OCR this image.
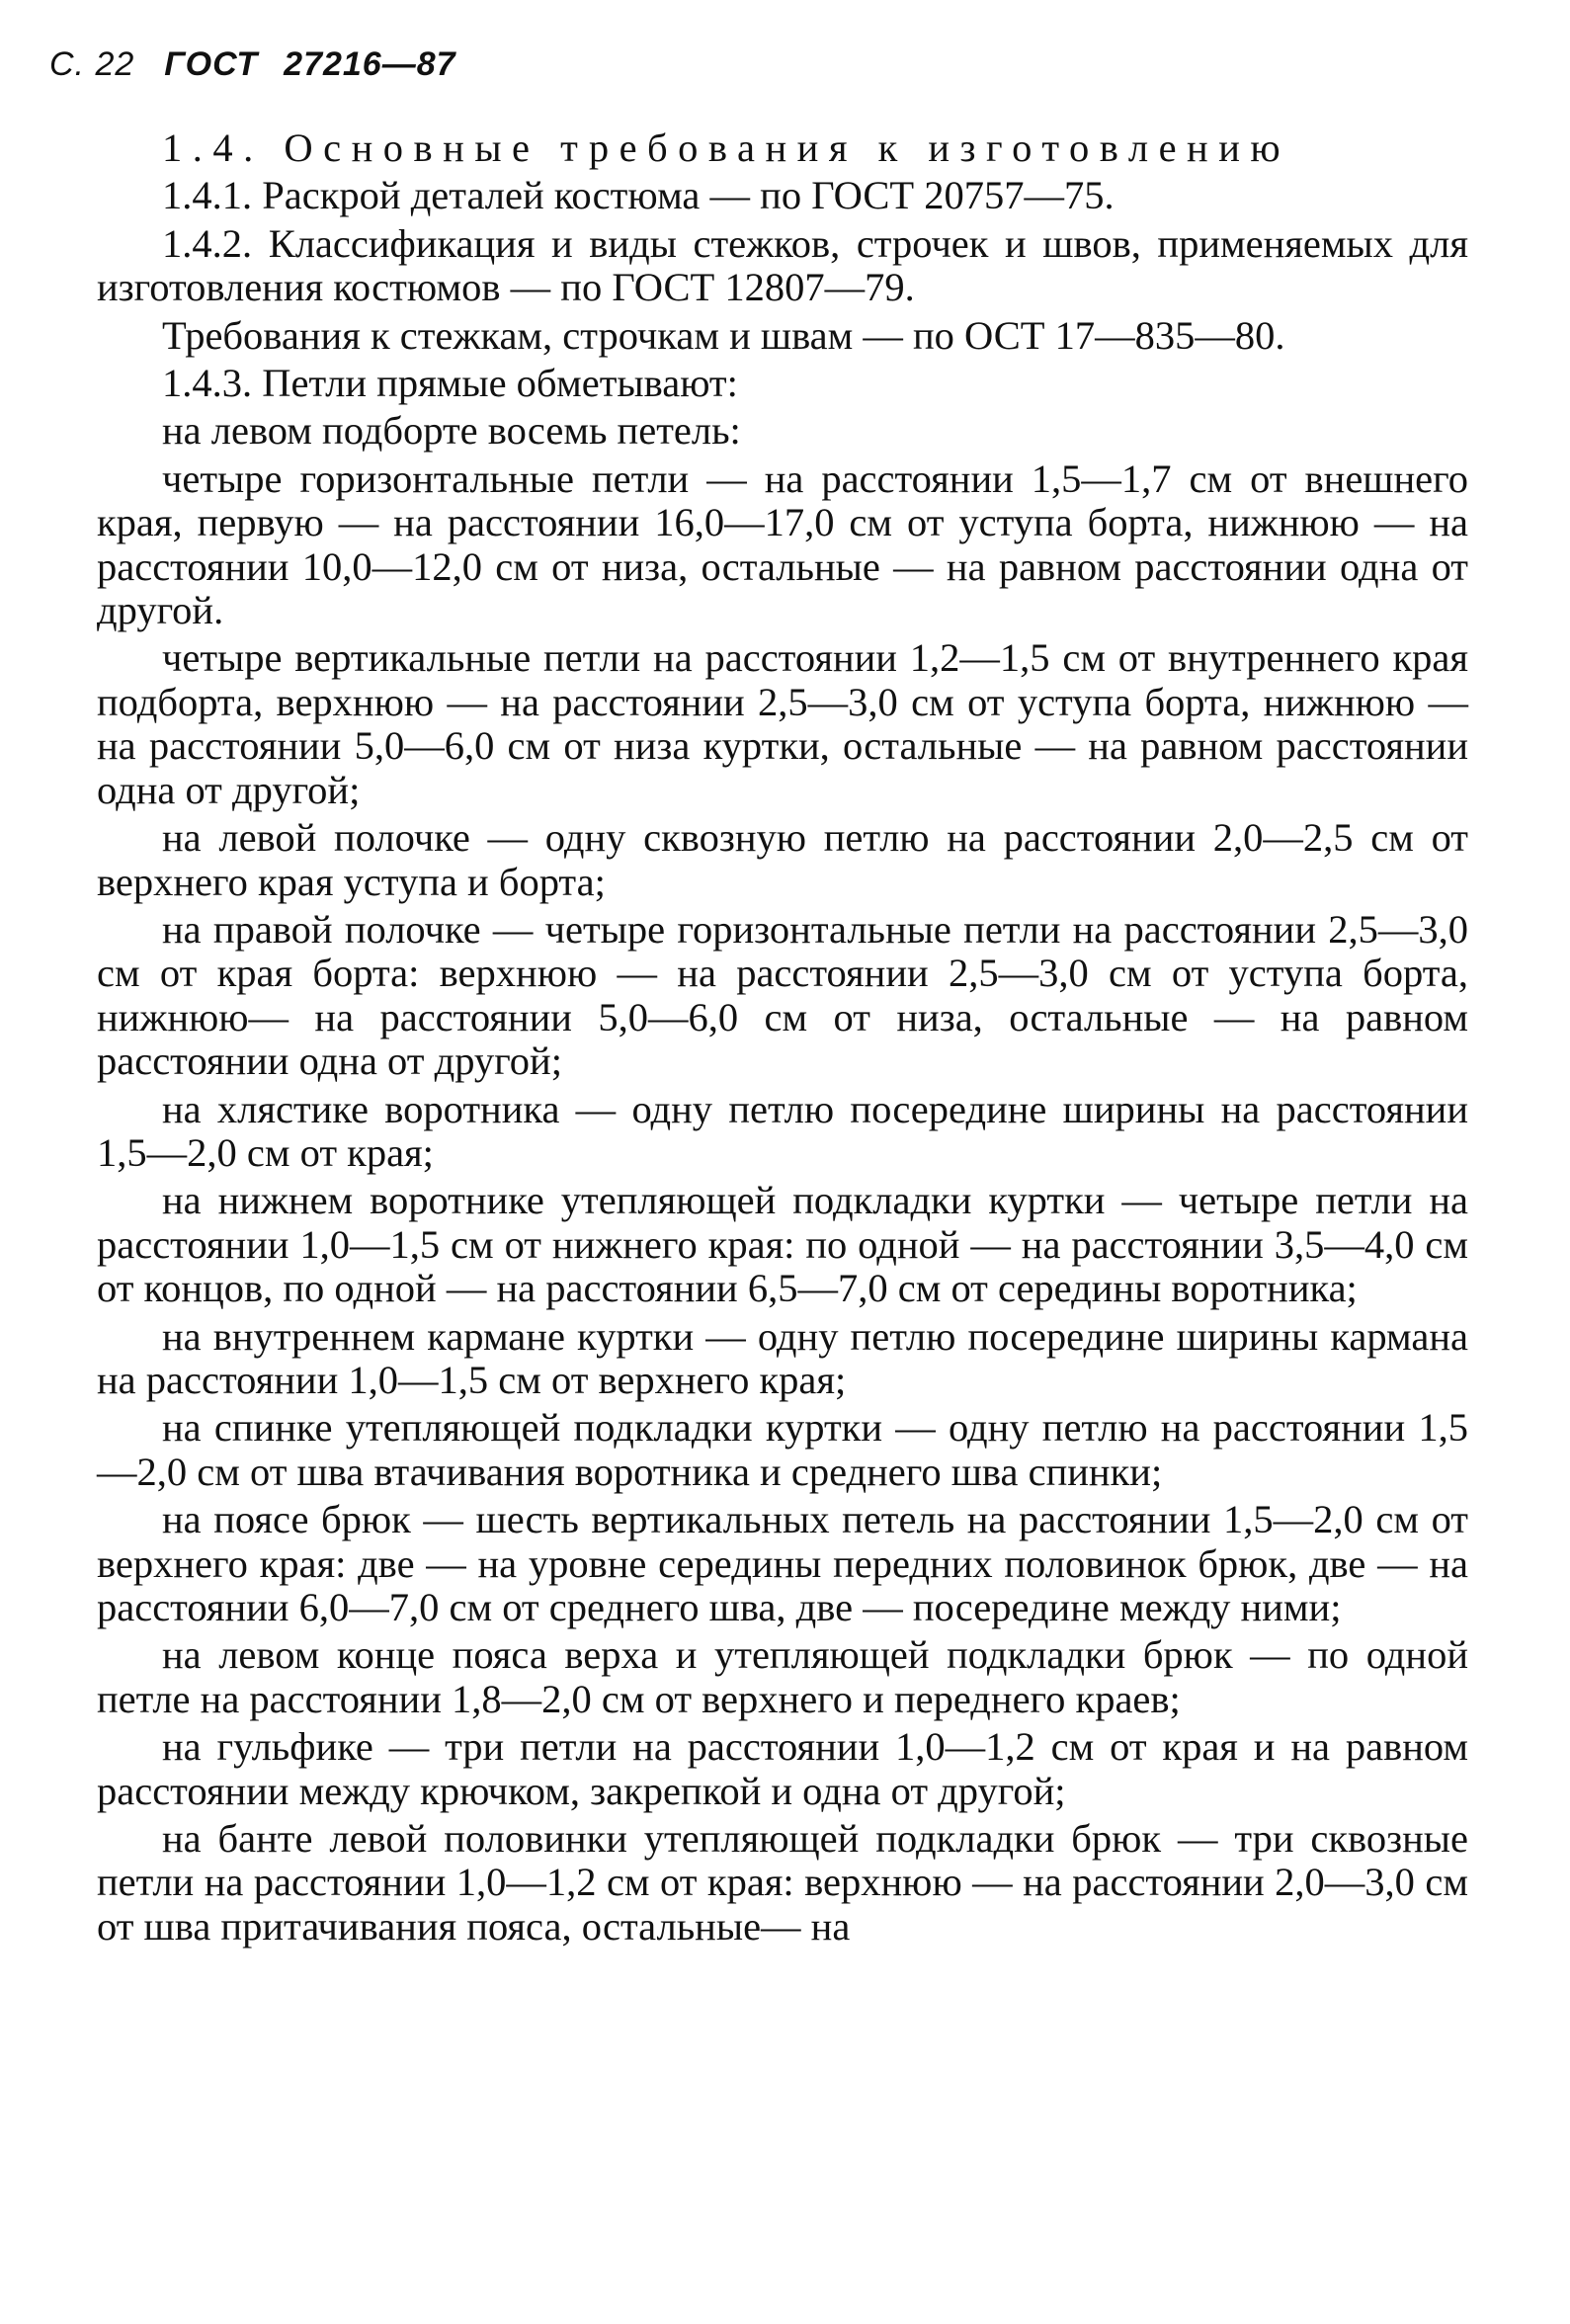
С. 22 ГОСТ 27216—87

1.4. Основные требования к изготовлению

1.4.1. Раскрой деталей костюма — по ГОСТ 20757—75.

1.4.2. Классификация и виды стежков, строчек и швов, применяемых для изготовления костюмов — по ГОСТ 12807—79.

Требования к стежкам, строчкам и швам — по ОСТ 17—835—80.

1.4.3. Петли прямые обметывают:

на левом подборте восемь петель:

четыре горизонтальные петли — на расстоянии 1,5—1,7 см от внешнего края, первую — на расстоянии 16,0—17,0 см от уступа борта, нижнюю — на расстоянии 10,0—12,0 см от низа, остальные — на равном расстоянии одна от другой.

четыре вертикальные петли на расстоянии 1,2—1,5 см от внутреннего края подборта, верхнюю — на расстоянии 2,5—3,0 см от уступа борта, нижнюю — на расстоянии 5,0—6,0 см от низа куртки, остальные — на равном расстоянии одна от другой;

на левой полочке — одну сквозную петлю на расстоянии 2,0—2,5 см от верхнего края уступа и борта;

на правой полочке — четыре горизонтальные петли на расстоянии 2,5—3,0 см от края борта: верхнюю — на расстоянии 2,5—3,0 см от уступа борта, нижнюю— на расстоянии 5,0—6,0 см от низа, остальные — на равном расстоянии одна от другой;

на хлястике воротника — одну петлю посередине ширины на расстоянии 1,5—2,0 см от края;

на нижнем воротнике утепляющей подкладки куртки — четыре петли на расстоянии 1,0—1,5 см от нижнего края: по одной — на расстоянии 3,5—4,0 см от концов, по одной — на расстоянии 6,5—7,0 см от середины воротника;

на внутреннем кармане куртки — одну петлю посередине ширины кармана на расстоянии 1,0—1,5 см от верхнего края;

на спинке утепляющей подкладки куртки — одну петлю на расстоянии 1,5—2,0 см от шва втачивания воротника и среднего шва спинки;

на поясе брюк — шесть вертикальных петель на расстоянии 1,5—2,0 см от верхнего края: две — на уровне середины передних половинок брюк, две — на расстоянии 6,0—7,0 см от среднего шва, две — посередине между ними;

на левом конце пояса верха и утепляющей подкладки брюк — по одной петле на расстоянии 1,8—2,0 см от верхнего и переднего краев;

на гульфике — три петли на расстоянии 1,0—1,2 см от края и на равном расстоянии между крючком, закрепкой и одна от другой;

на банте левой половинки утепляющей подкладки брюк — три сквозные петли на расстоянии 1,0—1,2 см от края: верхнюю — на расстоянии 2,0—3,0 см от шва притачивания пояса, остальные— на
